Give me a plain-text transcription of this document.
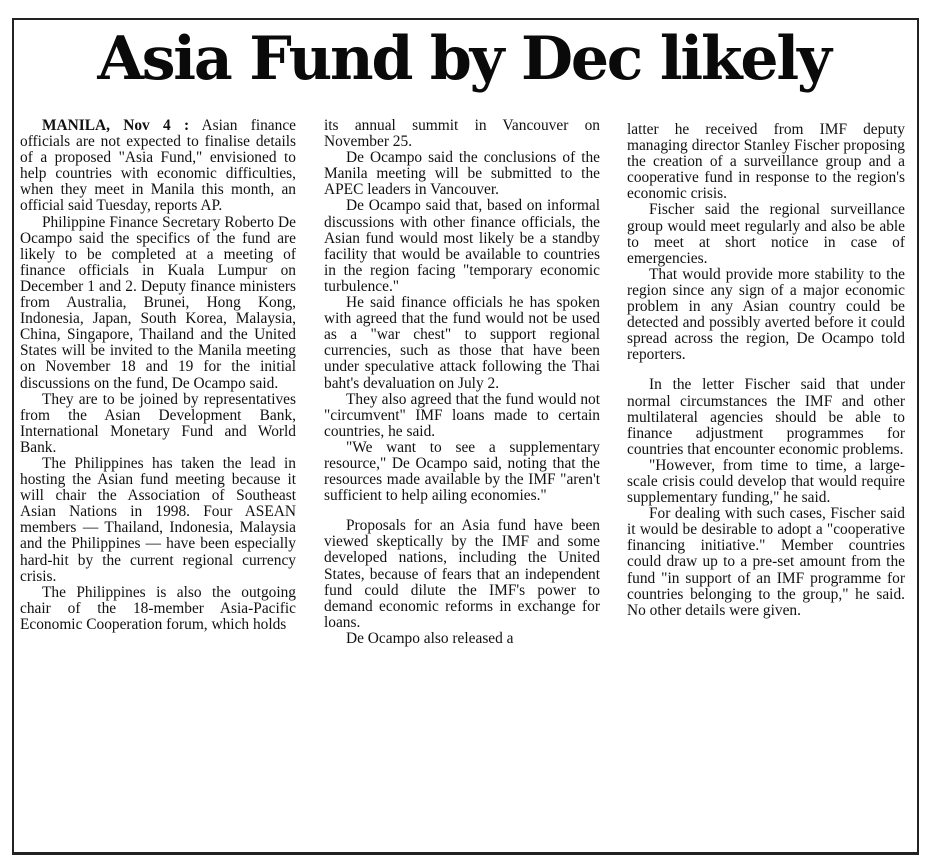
Asia Fund by Dec likely

MANILA, Nov 4 : Asian finance officials are not expected to finalise details of a proposed "Asia Fund," envisioned to help countries with economic difficulties, when they meet in Manila this month, an official said Tuesday, reports AP.

Philippine Finance Secretary Roberto De Ocampo said the specifics of the fund are likely to be completed at a meeting of finance officials in Kuala Lumpur on December 1 and 2. Deputy finance ministers from Australia, Brunei, Hong Kong, Indonesia, Japan, South Korea, Malaysia, China, Singapore, Thailand and the United States will be invited to the Manila meeting on November 18 and 19 for the initial discussions on the fund, De Ocampo said.

They are to be joined by representatives from the Asian Development Bank, International Monetary Fund and World Bank.

The Philippines has taken the lead in hosting the Asian fund meeting because it will chair the Association of Southeast Asian Nations in 1998. Four ASEAN members — Thailand, Indonesia, Malaysia and the Philippines — have been especially hard-hit by the current regional currency crisis.

The Philippines is also the outgoing chair of the 18-member Asia-Pacific Economic Cooperation forum, which holds

its annual summit in Vancouver on November 25.

De Ocampo said the conclusions of the Manila meeting will be submitted to the APEC leaders in Vancouver.

De Ocampo said that, based on informal discussions with other finance officials, the Asian fund would most likely be a standby facility that would be available to countries in the region facing "temporary economic turbulence."

He said finance officials he has spoken with agreed that the fund would not be used as a "war chest" to support regional currencies, such as those that have been under speculative attack following the Thai baht's devaluation on July 2.

They also agreed that the fund would not "circumvent" IMF loans made to certain countries, he said.

"We want to see a supplementary resource," De Ocampo said, noting that the resources made available by the IMF "aren't sufficient to help ailing economies."

Proposals for an Asia fund have been viewed skeptically by the IMF and some developed nations, including the United States, because of fears that an independent fund could dilute the IMF's power to demand economic reforms in exchange for loans.

De Ocampo also released a

latter he received from IMF deputy managing director Stanley Fischer proposing the creation of a surveillance group and a cooperative fund in response to the region's economic crisis.

Fischer said the regional surveillance group would meet regularly and also be able to meet at short notice in case of emergencies.

That would provide more stability to the region since any sign of a major economic problem in any Asian country could be detected and possibly averted before it could spread across the region, De Ocampo told reporters.

In the letter Fischer said that under normal circumstances the IMF and other multilateral agencies should be able to finance adjustment programmes for countries that encounter economic problems.

"However, from time to time, a large-scale crisis could develop that would require supplementary funding," he said.

For dealing with such cases, Fischer said it would be desirable to adopt a "cooperative financing initiative." Member countries could draw up to a pre-set amount from the fund "in support of an IMF programme for countries belonging to the group," he said. No other details were given.
